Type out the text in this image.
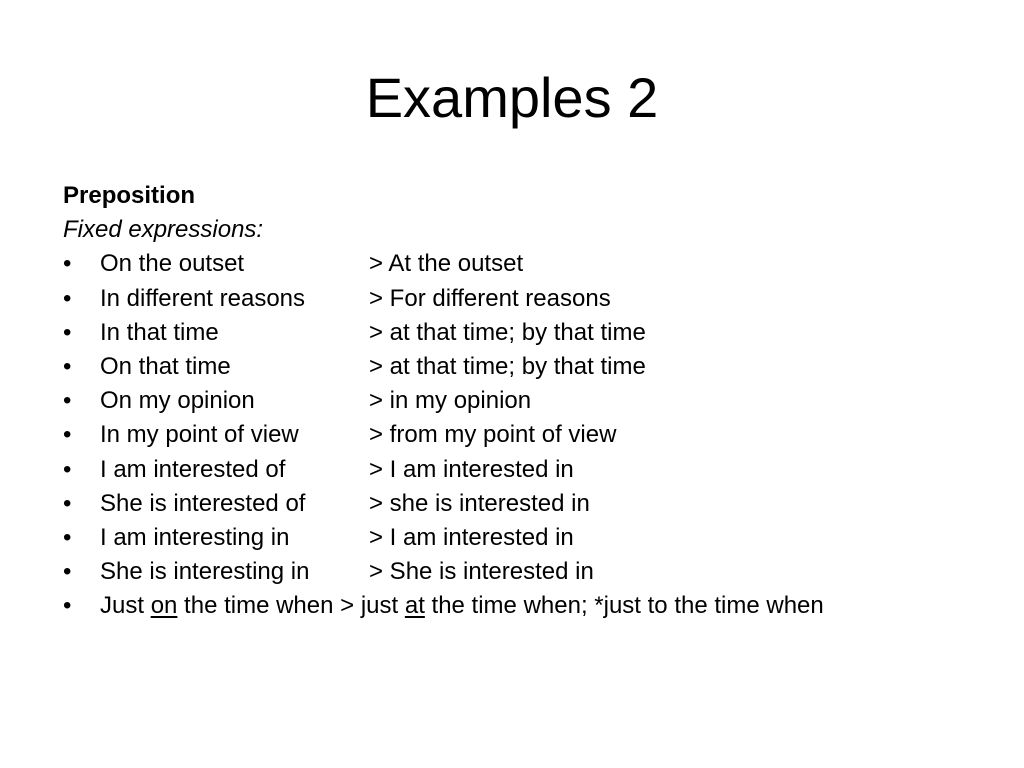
Examples 2
Preposition
Fixed expressions:
•	On the outset	> At the outset
•	In different reasons	> For different reasons
•	In that time	> at that time; by that time
•	On that time	> at that time; by that time
•	On my opinion	> in my opinion
•	In my point of view	> from my point of view
•	I am interested of	> I am interested in
•	She is interested of	> she is interested in
•	I am interesting in	> I am interested in
•	She is interesting in > She is interested in
•	Just on the time when > just at the time when; *just to the time when
